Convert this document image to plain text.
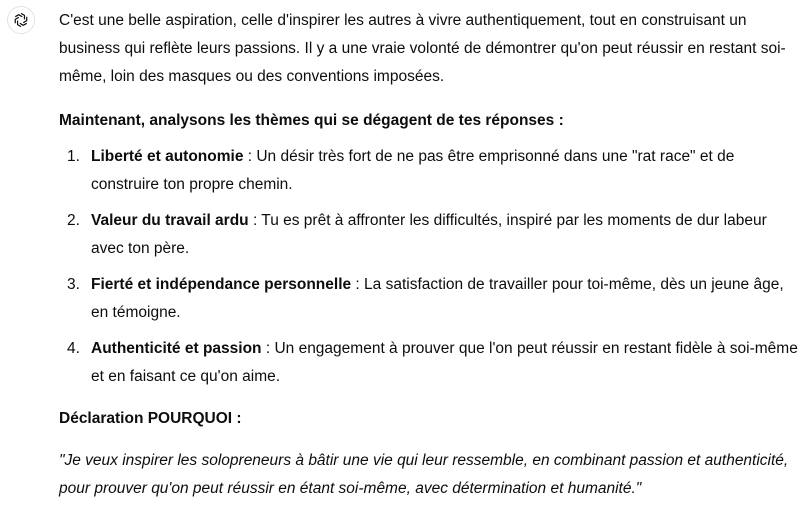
C'est une belle aspiration, celle d'inspirer les autres à vivre authentiquement, tout en construisant un business qui reflète leurs passions. Il y a une vraie volonté de démontrer qu'on peut réussir en restant soi-même, loin des masques ou des conventions imposées.

Maintenant, analysons les thèmes qui se dégagent de tes réponses :

1. Liberté et autonomie : Un désir très fort de ne pas être emprisonné dans une "rat race" et de construire ton propre chemin.
2. Valeur du travail ardu : Tu es prêt à affronter les difficultés, inspiré par les moments de dur labeur avec ton père.
3. Fierté et indépendance personnelle : La satisfaction de travailler pour toi-même, dès un jeune âge, en témoigne.
4. Authenticité et passion : Un engagement à prouver que l'on peut réussir en restant fidèle à soi-même et en faisant ce qu'on aime.

Déclaration POURQUOI :

"Je veux inspirer les solopreneurs à bâtir une vie qui leur ressemble, en combinant passion et authenticité, pour prouver qu'on peut réussir en étant soi-même, avec détermination et humanité."
